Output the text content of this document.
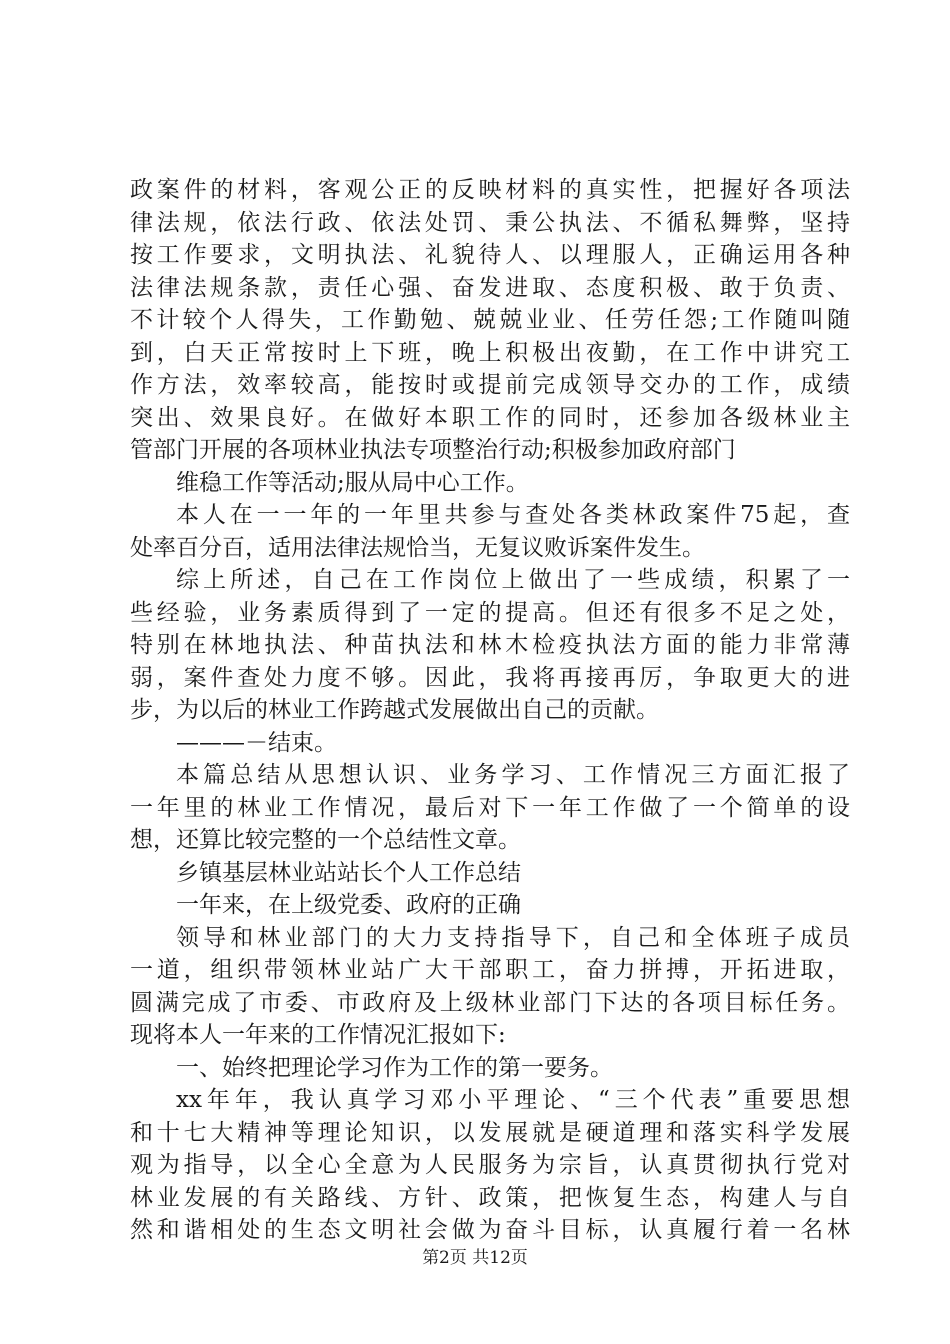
政案件的材料，客观公正的反映材料的真实性，把握好各项法
律法规，依法行政、依法处罚、秉公执法、不循私舞弊，坚持
按工作要求，文明执法、礼貌待人、以理服人，正确运用各种
法律法规条款，责任心强、奋发进取、态度积极、敢于负责、
不计较个人得失，工作勤勉、兢兢业业、任劳任怨;工作随叫随
到，白天正常按时上下班，晚上积极出夜勤，在工作中讲究工
作方法，效率较高，能按时或提前完成领导交办的工作，成绩
突出、效果良好。在做好本职工作的同时，还参加各级林业主
管部门开展的各项林业执法专项整治行动;积极参加政府部门
维稳工作等活动;服从局中心工作。
本人在一一年的一年里共参与查处各类林政案件75起，查
处率百分百，适用法律法规恰当，无复议败诉案件发生。
综上所述，自己在工作岗位上做出了一些成绩，积累了一
些经验，业务素质得到了一定的提高。但还有很多不足之处，
特别在林地执法、种苗执法和林木检疫执法方面的能力非常薄
弱，案件查处力度不够。因此，我将再接再厉，争取更大的进
步，为以后的林业工作跨越式发展做出自己的贡献。
———－结束。
本篇总结从思想认识、业务学习、工作情况三方面汇报了
一年里的林业工作情况，最后对下一年工作做了一个简单的设
想，还算比较完整的一个总结性文章。
乡镇基层林业站站长个人工作总结
一年来，在上级党委、政府的正确
领导和林业部门的大力支持指导下，自己和全体班子成员
一道，组织带领林业站广大干部职工，奋力拼搏，开拓进取，
圆满完成了市委、市政府及上级林业部门下达的各项目标任务。
现将本人一年来的工作情况汇报如下:
一、始终把理论学习作为工作的第一要务。
xx年年，我认真学习邓小平理论、“三个代表”重要思想
和十七大精神等理论知识，以发展就是硬道理和落实科学发展
观为指导，以全心全意为人民服务为宗旨，认真贯彻执行党对
林业发展的有关路线、方针、政策，把恢复生态，构建人与自
然和谐相处的生态文明社会做为奋斗目标，认真履行着一名林
第2页 共12页
